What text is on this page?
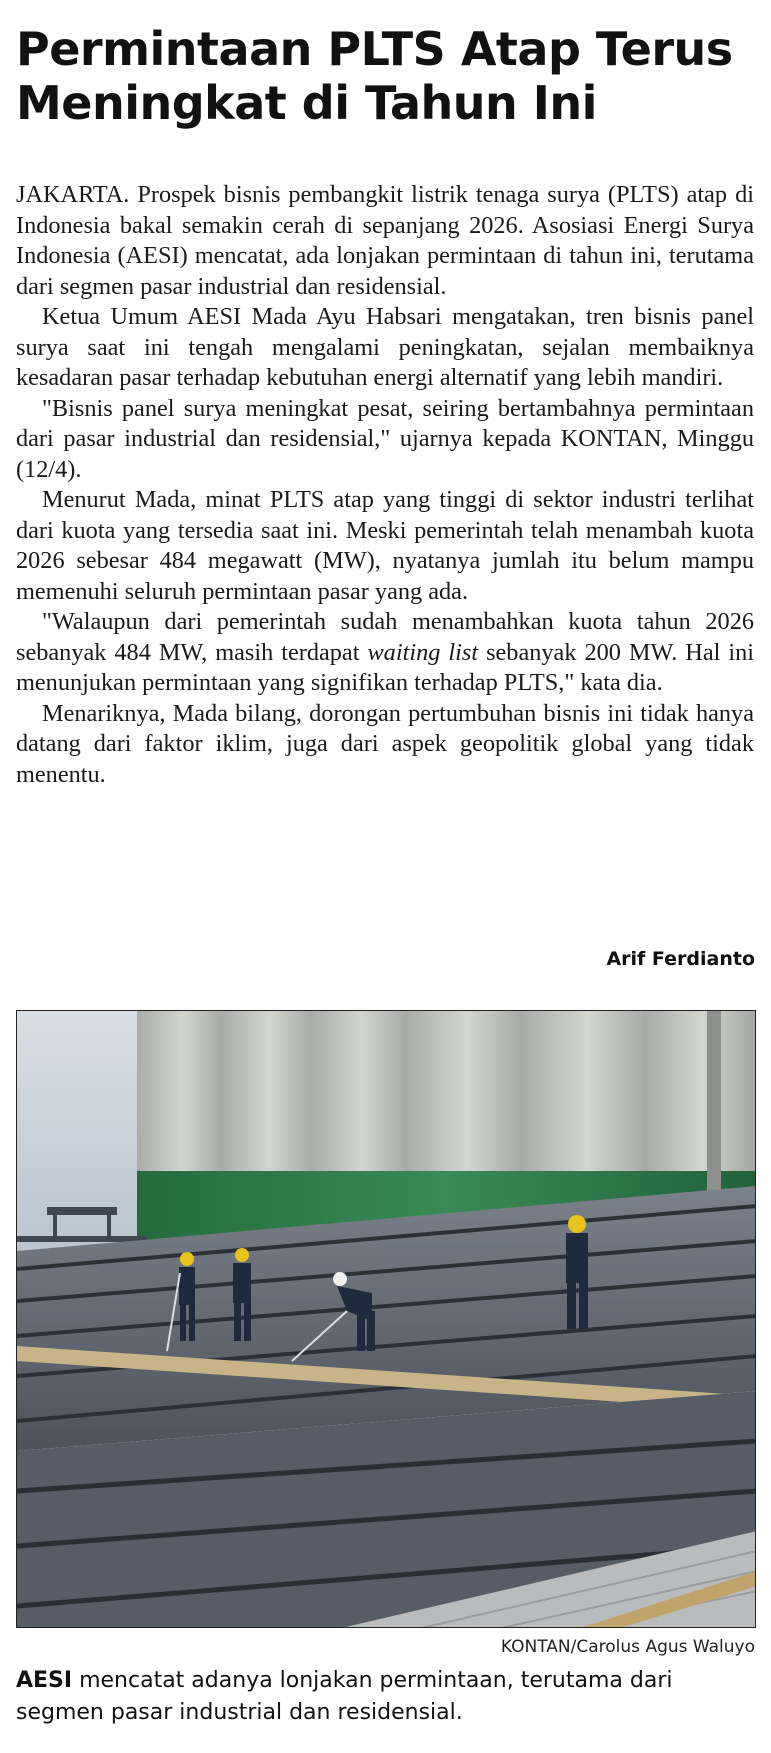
Permintaan PLTS Atap Terus
Meningkat di Tahun Ini

JAKARTA. Prospek bisnis pembangkit listrik tenaga surya (PLTS) atap di Indonesia bakal semakin cerah di sepanjang 2026. Asosiasi Energi Surya Indonesia (AESI) mencatat, ada lonjakan permintaan di tahun ini, terutama dari segmen pasar industrial dan residensial.

Ketua Umum AESI Mada Ayu Habsari mengatakan, tren bisnis panel surya saat ini tengah mengalami peningkatan, sejalan membaiknya kesadaran pasar terhadap kebutuhan energi alternatif yang lebih mandiri.

"Bisnis panel surya meningkat pesat, seiring bertambahnya permintaan dari pasar industrial dan residensial," ujarnya kepada KONTAN, Minggu (12/4).

Menurut Mada, minat PLTS atap yang tinggi di sektor industri terlihat dari kuota yang tersedia saat ini. Meski pemerintah telah menambah kuota 2026 sebesar 484 megawatt (MW), nyatanya jumlah itu belum mampu memenuhi seluruh permintaan pasar yang ada.

"Walaupun dari pemerintah sudah menambahkan kuota tahun 2026 sebanyak 484 MW, masih terdapat waiting list sebanyak 200 MW. Hal ini menunjukan permintaan yang signifikan terhadap PLTS," kata dia.

Menariknya, Mada bilang, dorongan pertumbuhan bisnis ini tidak hanya datang dari faktor iklim, juga dari aspek geopolitik global yang tidak menentu.

Arif Ferdianto
KONTAN/Carolus Agus Waluyo

AESI mencatat adanya lonjakan permintaan, terutama dari segmen pasar industrial dan residensial.
